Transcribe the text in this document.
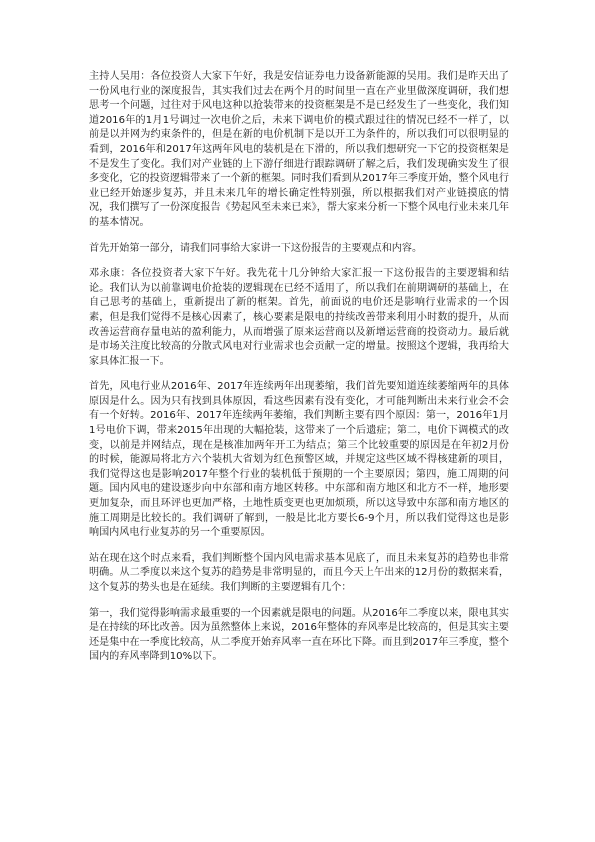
主持人吴用：各位投资人大家下午好，我是安信证券电力设备新能源的吴用。我们是昨天出了一份风电行业的深度报告，其实我们过去在两个月的时间里一直在产业里做深度调研，我们想思考一个问题，过往对于风电这种以抢装带来的投资框架是不是已经发生了一些变化，我们知道2016年的1月1号调过一次电价之后，未来下调电价的模式跟过往的情况已经不一样了，以前是以并网为约束条件的，但是在新的电价机制下是以开工为条件的，所以我们可以很明显的看到，2016年和2017年这两年风电的装机是在下滑的，所以我们想研究一下它的投资框架是不是发生了变化。我们对产业链的上下游仔细进行跟踪调研了解之后，我们发现确实发生了很多变化，它的投资逻辑带来了一个新的框架。同时我们看到从2017年三季度开始，整个风电行业已经开始逐步复苏，并且未来几年的增长确定性特别强，所以根据我们对产业链摸底的情况，我们撰写了一份深度报告《势起风至未来已来》，帮大家来分析一下整个风电行业未来几年的基本情况。

首先开始第一部分，请我们同事给大家讲一下这份报告的主要观点和内容。

邓永康：各位投资者大家下午好。我先花十几分钟给大家汇报一下这份报告的主要逻辑和结论。我们认为以前靠调电价抢装的逻辑现在已经不适用了，所以我们在前期调研的基础上，在自己思考的基础上，重新提出了新的框架。首先，前面说的电价还是影响行业需求的一个因素，但是我们觉得不是核心因素了，核心要素是限电的持续改善带来利用小时数的提升，从而改善运营商存量电站的盈利能力，从而增强了原来运营商以及新增运营商的投资动力。最后就是市场关注度比较高的分散式风电对行业需求也会贡献一定的增量。按照这个逻辑，我再给大家具体汇报一下。

首先，风电行业从2016年、2017年连续两年出现萎缩，我们首先要知道连续萎缩两年的具体原因是什么。因为只有找到具体原因，看这些因素有没有变化，才可能判断出未来行业会不会有一个好转。2016年、2017年连续两年萎缩，我们判断主要有四个原因：第一，2016年1月1号电价下调，带来2015年出现的大幅抢装，这带来了一个后遗症；第二，电价下调模式的改变，以前是并网结点，现在是核准加两年开工为结点；第三个比较重要的原因是在年初2月份的时候，能源局将北方六个装机大省划为红色预警区域，并规定这些区域不得核建新的项目，我们觉得这也是影响2017年整个行业的装机低于预期的一个主要原因；第四，施工周期的问题。国内风电的建设逐步向中东部和南方地区转移。中东部和南方地区和北方不一样，地形要更加复杂，而且环评也更加严格，土地性质变更也更加烦琐，所以这导致中东部和南方地区的施工周期是比较长的。我们调研了解到，一般是比北方要长6-9个月，所以我们觉得这也是影响国内风电行业复苏的另一个重要原因。

站在现在这个时点来看，我们判断整个国内风电需求基本见底了，而且未来复苏的趋势也非常明确。从二季度以来这个复苏的趋势是非常明显的，而且今天上午出来的12月份的数据来看，这个复苏的势头也是在延续。我们判断的主要逻辑有几个：

第一，我们觉得影响需求最重要的一个因素就是限电的问题。从2016年二季度以来，限电其实是在持续的环比改善。因为虽然整体上来说，2016年整体的弃风率是比较高的，但是其实主要还是集中在一季度比较高，从二季度开始弃风率一直在环比下降。而且到2017年三季度，整个国内的弃风率降到10%以下。
